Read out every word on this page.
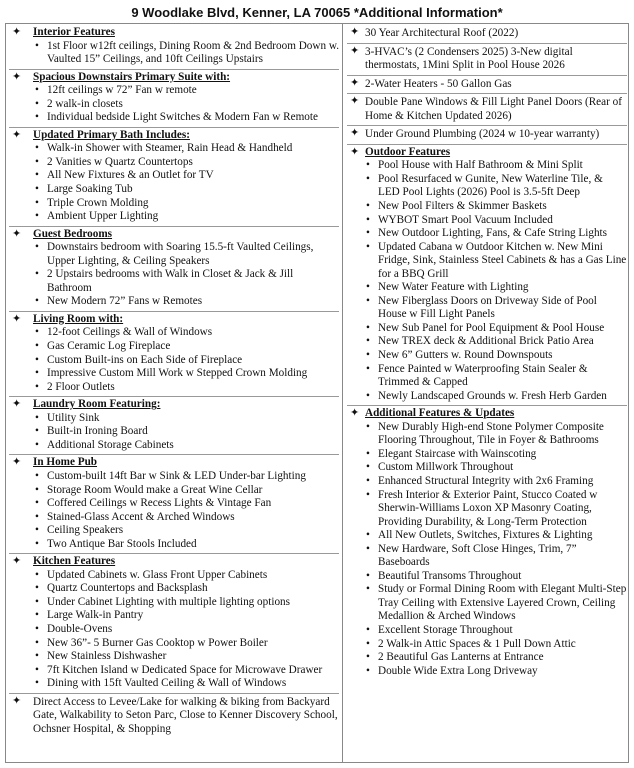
9 Woodlake Blvd, Kenner, LA 70065 *Additional Information*
✦ Interior Features
• 1st Floor w12ft ceilings, Dining Room & 2nd Bedroom Down w. Vaulted 15” Ceilings, and 10ft Ceilings Upstairs
✦ Spacious Downstairs Primary Suite with:
• 12ft ceilings w 72” Fan w remote
• 2 walk-in closets
• Individual bedside Light Switches & Modern Fan w Remote
✦ Updated Primary Bath Includes:
• Walk-in Shower with Steamer, Rain Head & Handheld
• 2 Vanities w Quartz Countertops
• All New Fixtures & an Outlet for TV
• Large Soaking Tub
• Triple Crown Molding
• Ambient Upper Lighting
✦ Guest Bedrooms
• Downstairs bedroom with Soaring 15.5-ft Vaulted Ceilings, Upper Lighting, & Ceiling Speakers
• 2 Upstairs bedrooms with Walk in Closet & Jack & Jill Bathroom
• New Modern 72” Fans w Remotes
✦ Living Room with:
• 12-foot Ceilings & Wall of Windows
• Gas Ceramic Log Fireplace
• Custom Built-ins on Each Side of Fireplace
• Impressive Custom Mill Work w Stepped Crown Molding
• 2 Floor Outlets
✦ Laundry Room Featuring:
• Utility Sink
• Built-in Ironing Board
• Additional Storage Cabinets
✦ In Home Pub
• Custom-built 14ft Bar w Sink & LED Under-bar Lighting
• Storage Room Would make a Great Wine Cellar
• Coffered Ceilings w Recess Lights & Vintage Fan
• Stained-Glass Accent & Arched Windows
• Ceiling Speakers
• Two Antique Bar Stools Included
✦ Kitchen Features
• Updated Cabinets w. Glass Front Upper Cabinets
• Quartz Countertops and Backsplash
• Under Cabinet Lighting with multiple lighting options
• Large Walk-in Pantry
• Double-Ovens
• New 36”- 5 Burner Gas Cooktop w Power Boiler
• New Stainless Dishwasher
• 7ft Kitchen Island w Dedicated Space for Microwave Drawer
• Dining with 15ft Vaulted Ceiling & Wall of Windows
✦ Direct Access to Levee/Lake for walking & biking from Backyard Gate, Walkability to Seton Parc, Close to Kenner Discovery School, Ochsner Hospital, & Shopping
✦ 30 Year Architectural Roof (2022)
✦ 3-HVAC’s (2 Condensers 2025) 3-New digital thermostats, 1Mini Split in Pool House 2026
✦ 2-Water Heaters - 50 Gallon Gas
✦ Double Pane Windows & Fill Light Panel Doors (Rear of Home & Kitchen Updated 2026)
✦ Under Ground Plumbing (2024 w 10-year warranty)
✦ Outdoor Features
• Pool House with Half Bathroom & Mini Split
• Pool Resurfaced w Gunite, New Waterline Tile, & LED Pool Lights (2026) Pool is 3.5-5ft Deep
• New Pool Filters & Skimmer Baskets
• WYBOT Smart Pool Vacuum Included
• New Outdoor Lighting, Fans, & Cafe String Lights
• Updated Cabana w Outdoor Kitchen w. New Mini Fridge, Sink, Stainless Steel Cabinets & has a Gas Line for a BBQ Grill
• New Water Feature with Lighting
• New Fiberglass Doors on Driveway Side of Pool House w Fill Light Panels
• New Sub Panel for Pool Equipment & Pool House
• New TREX deck & Additional Brick Patio Area
• New 6” Gutters w. Round Downspouts
• Fence Painted w Waterproofing Stain Sealer & Trimmed & Capped
• Newly Landscaped Grounds w. Fresh Herb Garden
✦ Additional Features & Updates
• New Durably High-end Stone Polymer Composite Flooring Throughout, Tile in Foyer & Bathrooms
• Elegant Staircase with Wainscoting
• Custom Millwork Throughout
• Enhanced Structural Integrity with 2x6 Framing
• Fresh Interior & Exterior Paint, Stucco Coated w Sherwin-Williams Loxon XP Masonry Coating, Providing Durability, & Long-Term Protection
• All New Outlets, Switches, Fixtures & Lighting
• New Hardware, Soft Close Hinges, Trim, 7” Baseboards
• Beautiful Transoms Throughout
• Study or Formal Dining Room with Elegant Multi-Step Tray Ceiling with Extensive Layered Crown, Ceiling Medallion & Arched Windows
• Excellent Storage Throughout
• 2 Walk-in Attic Spaces & 1 Pull Down Attic
• 2 Beautiful Gas Lanterns at Entrance
• Double Wide Extra Long Driveway
